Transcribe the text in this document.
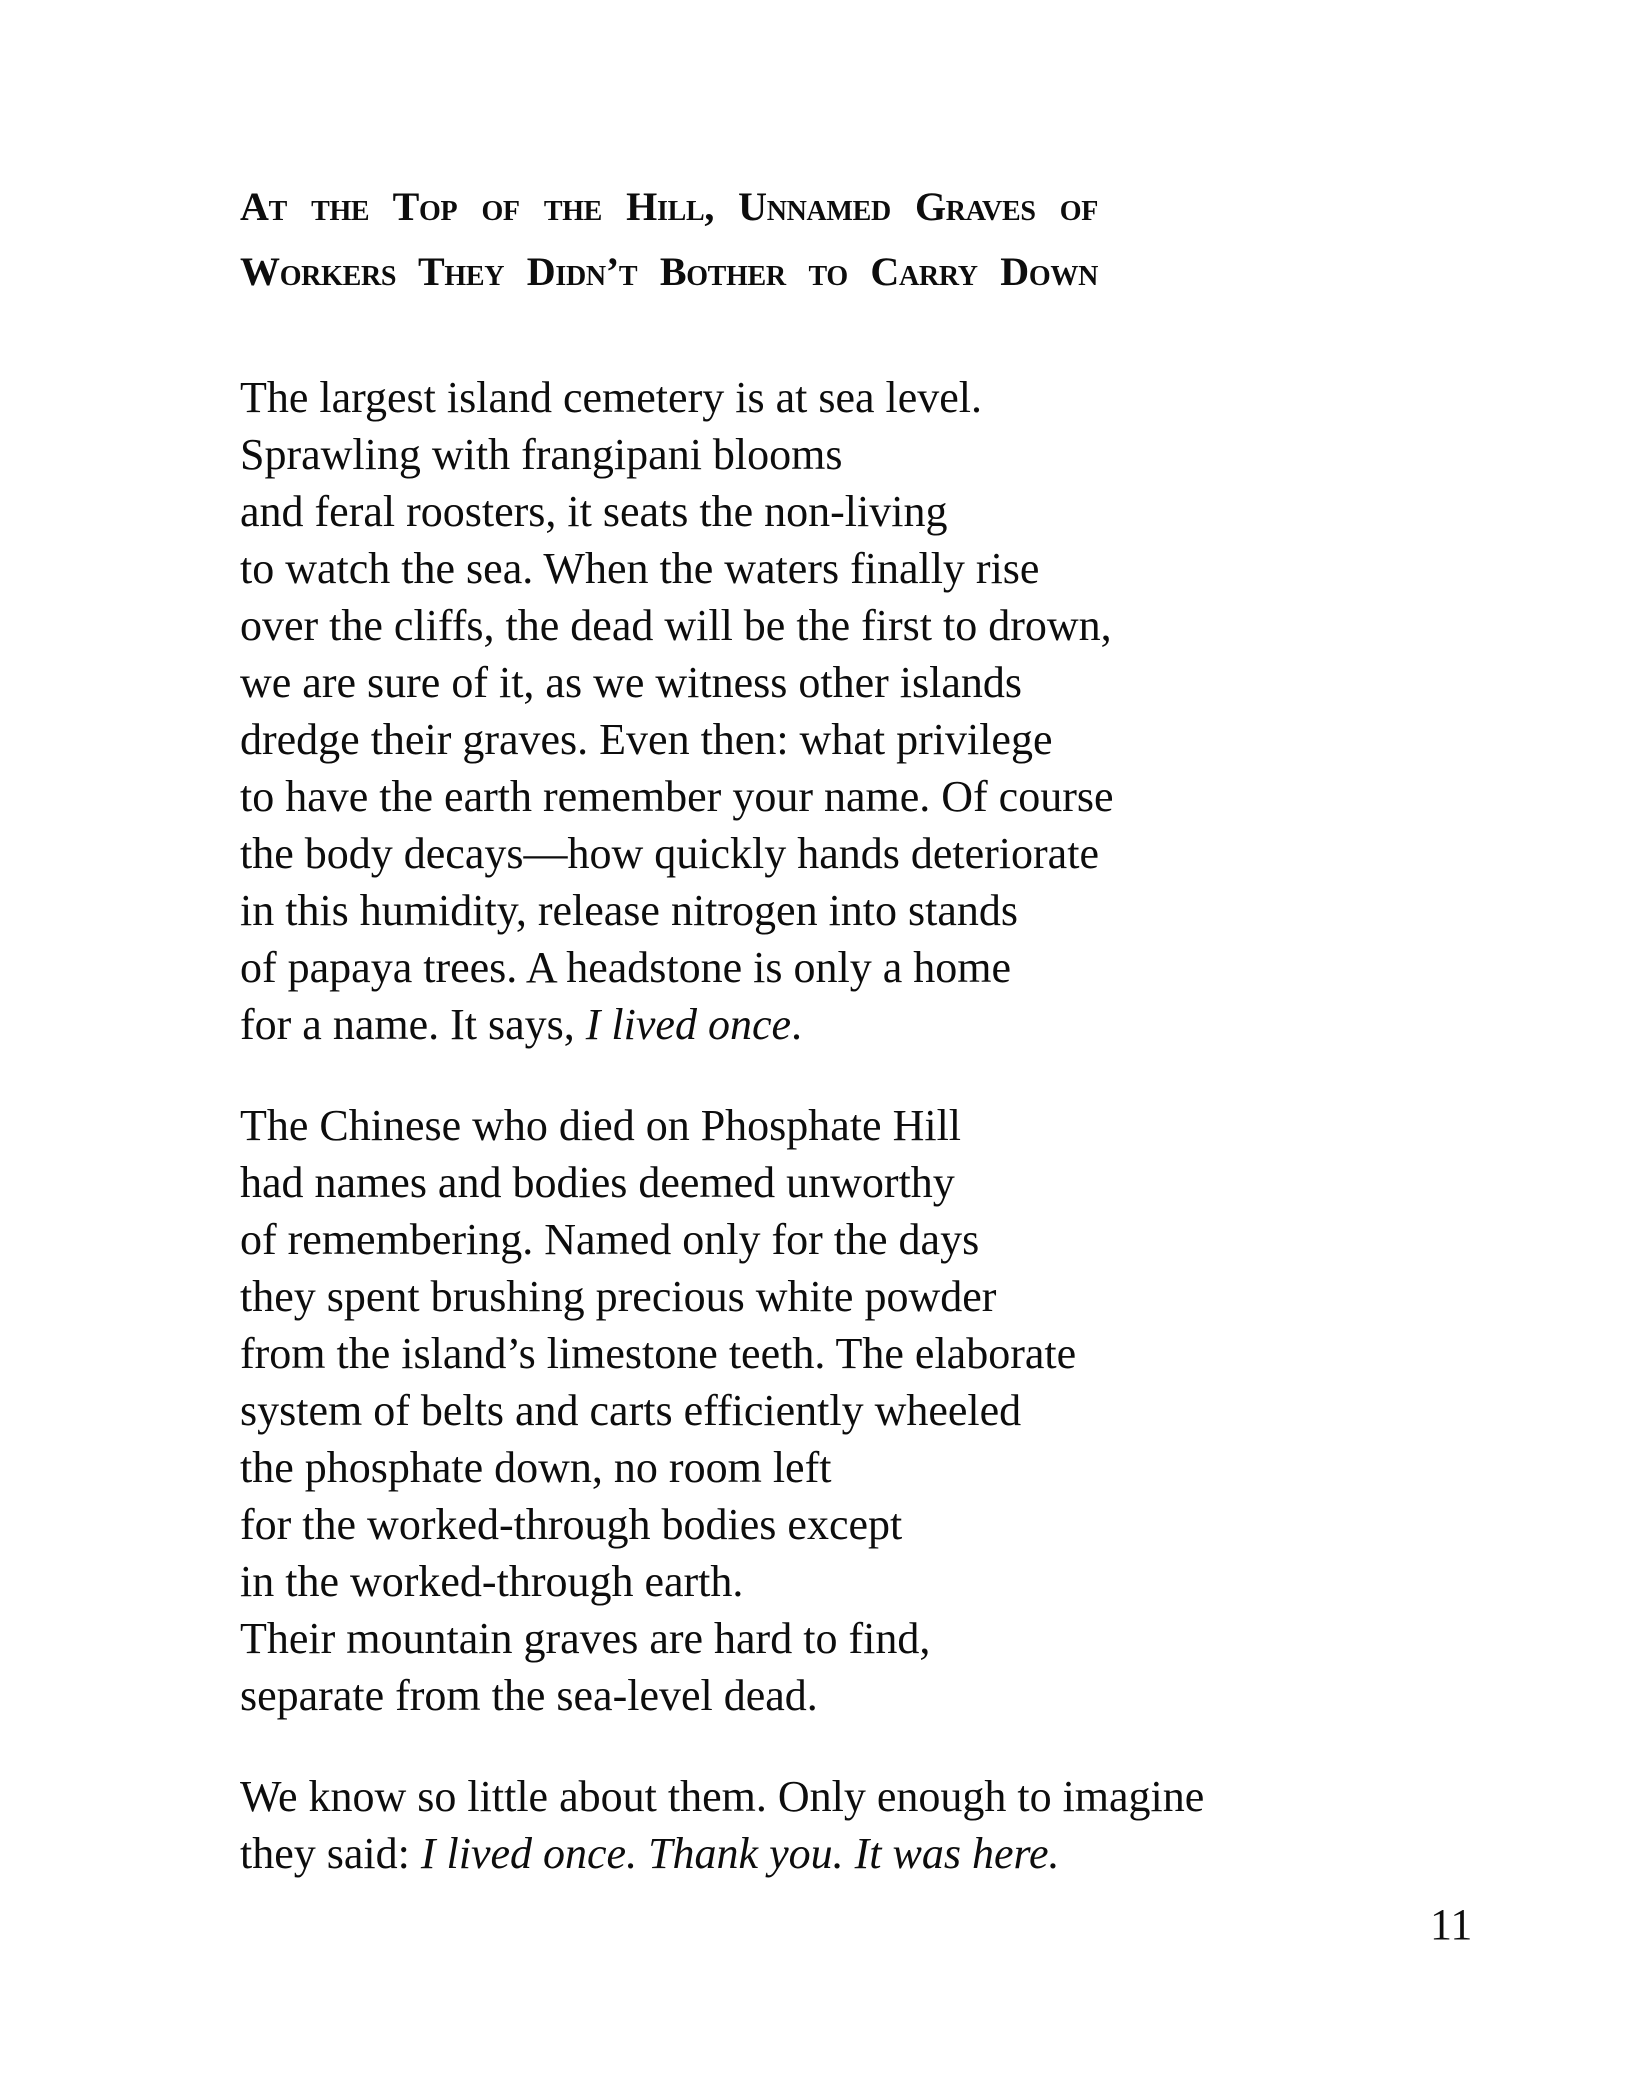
At the Top of the Hill, Unnamed Graves of
Workers They Didn’t Bother to Carry Down
The largest island cemetery is at sea level.
Sprawling with frangipani blooms
and feral roosters, it seats the non-living
to watch the sea. When the waters finally rise
over the cliffs, the dead will be the first to drown,
we are sure of it, as we witness other islands
dredge their graves. Even then: what privilege
to have the earth remember your name. Of course
the body decays—how quickly hands deteriorate
in this humidity, release nitrogen into stands
of papaya trees. A headstone is only a home
for a name. It says, I lived once.
The Chinese who died on Phosphate Hill
had names and bodies deemed unworthy
of remembering. Named only for the days
they spent brushing precious white powder
from the island’s limestone teeth. The elaborate
system of belts and carts efficiently wheeled
the phosphate down, no room left
for the worked-through bodies except
in the worked-through earth.
Their mountain graves are hard to find,
separate from the sea-level dead.
We know so little about them. Only enough to imagine
they said: I lived once. Thank you. It was here.
11
